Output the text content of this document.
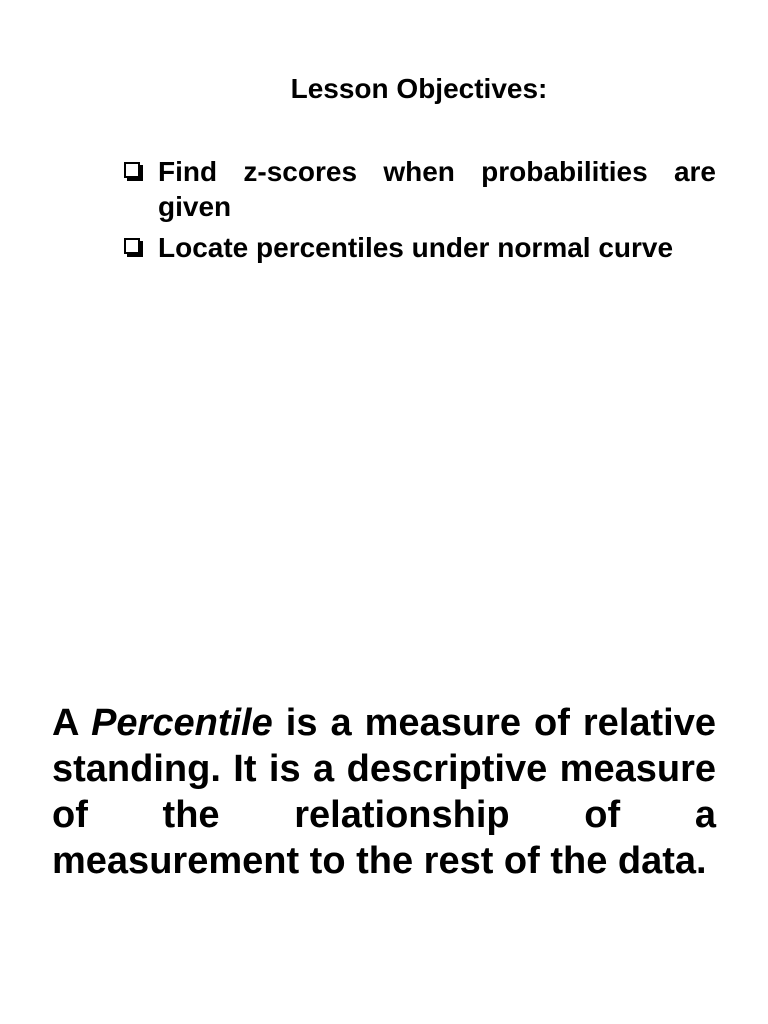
Lesson Objectives:
Find z-scores when probabilities are given
Locate percentiles under normal curve

A Percentile is a measure of relative standing. It is a descriptive measure of the relationship of a measurement to the rest of the data.
